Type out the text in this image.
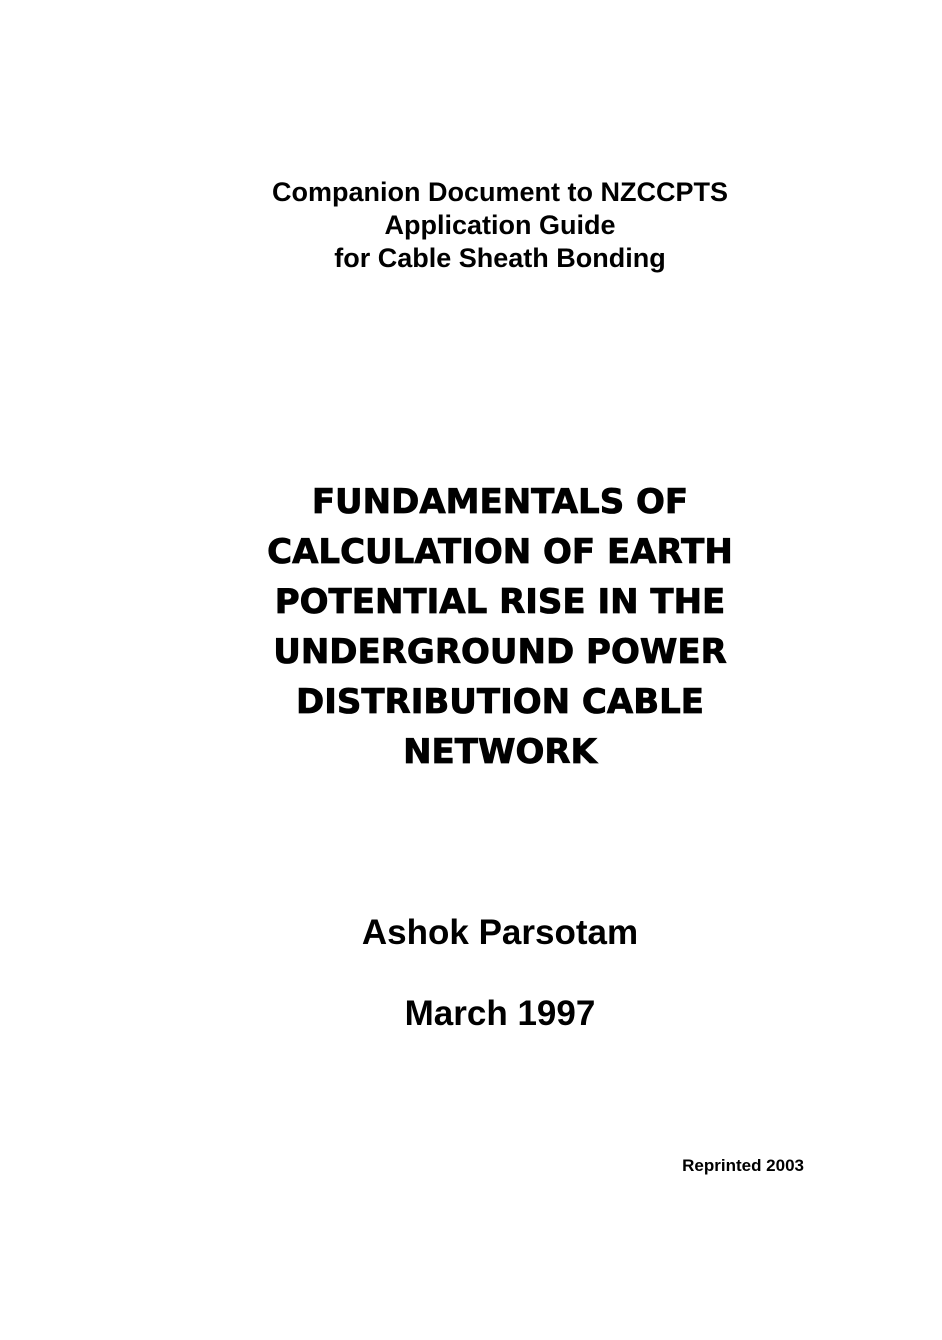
Companion Document to NZCCPTS
Application Guide
for Cable Sheath Bonding
FUNDAMENTALS OF
CALCULATION OF EARTH
POTENTIAL RISE IN THE
UNDERGROUND POWER
DISTRIBUTION CABLE
NETWORK
Ashok Parsotam
March 1997
Reprinted 2003
